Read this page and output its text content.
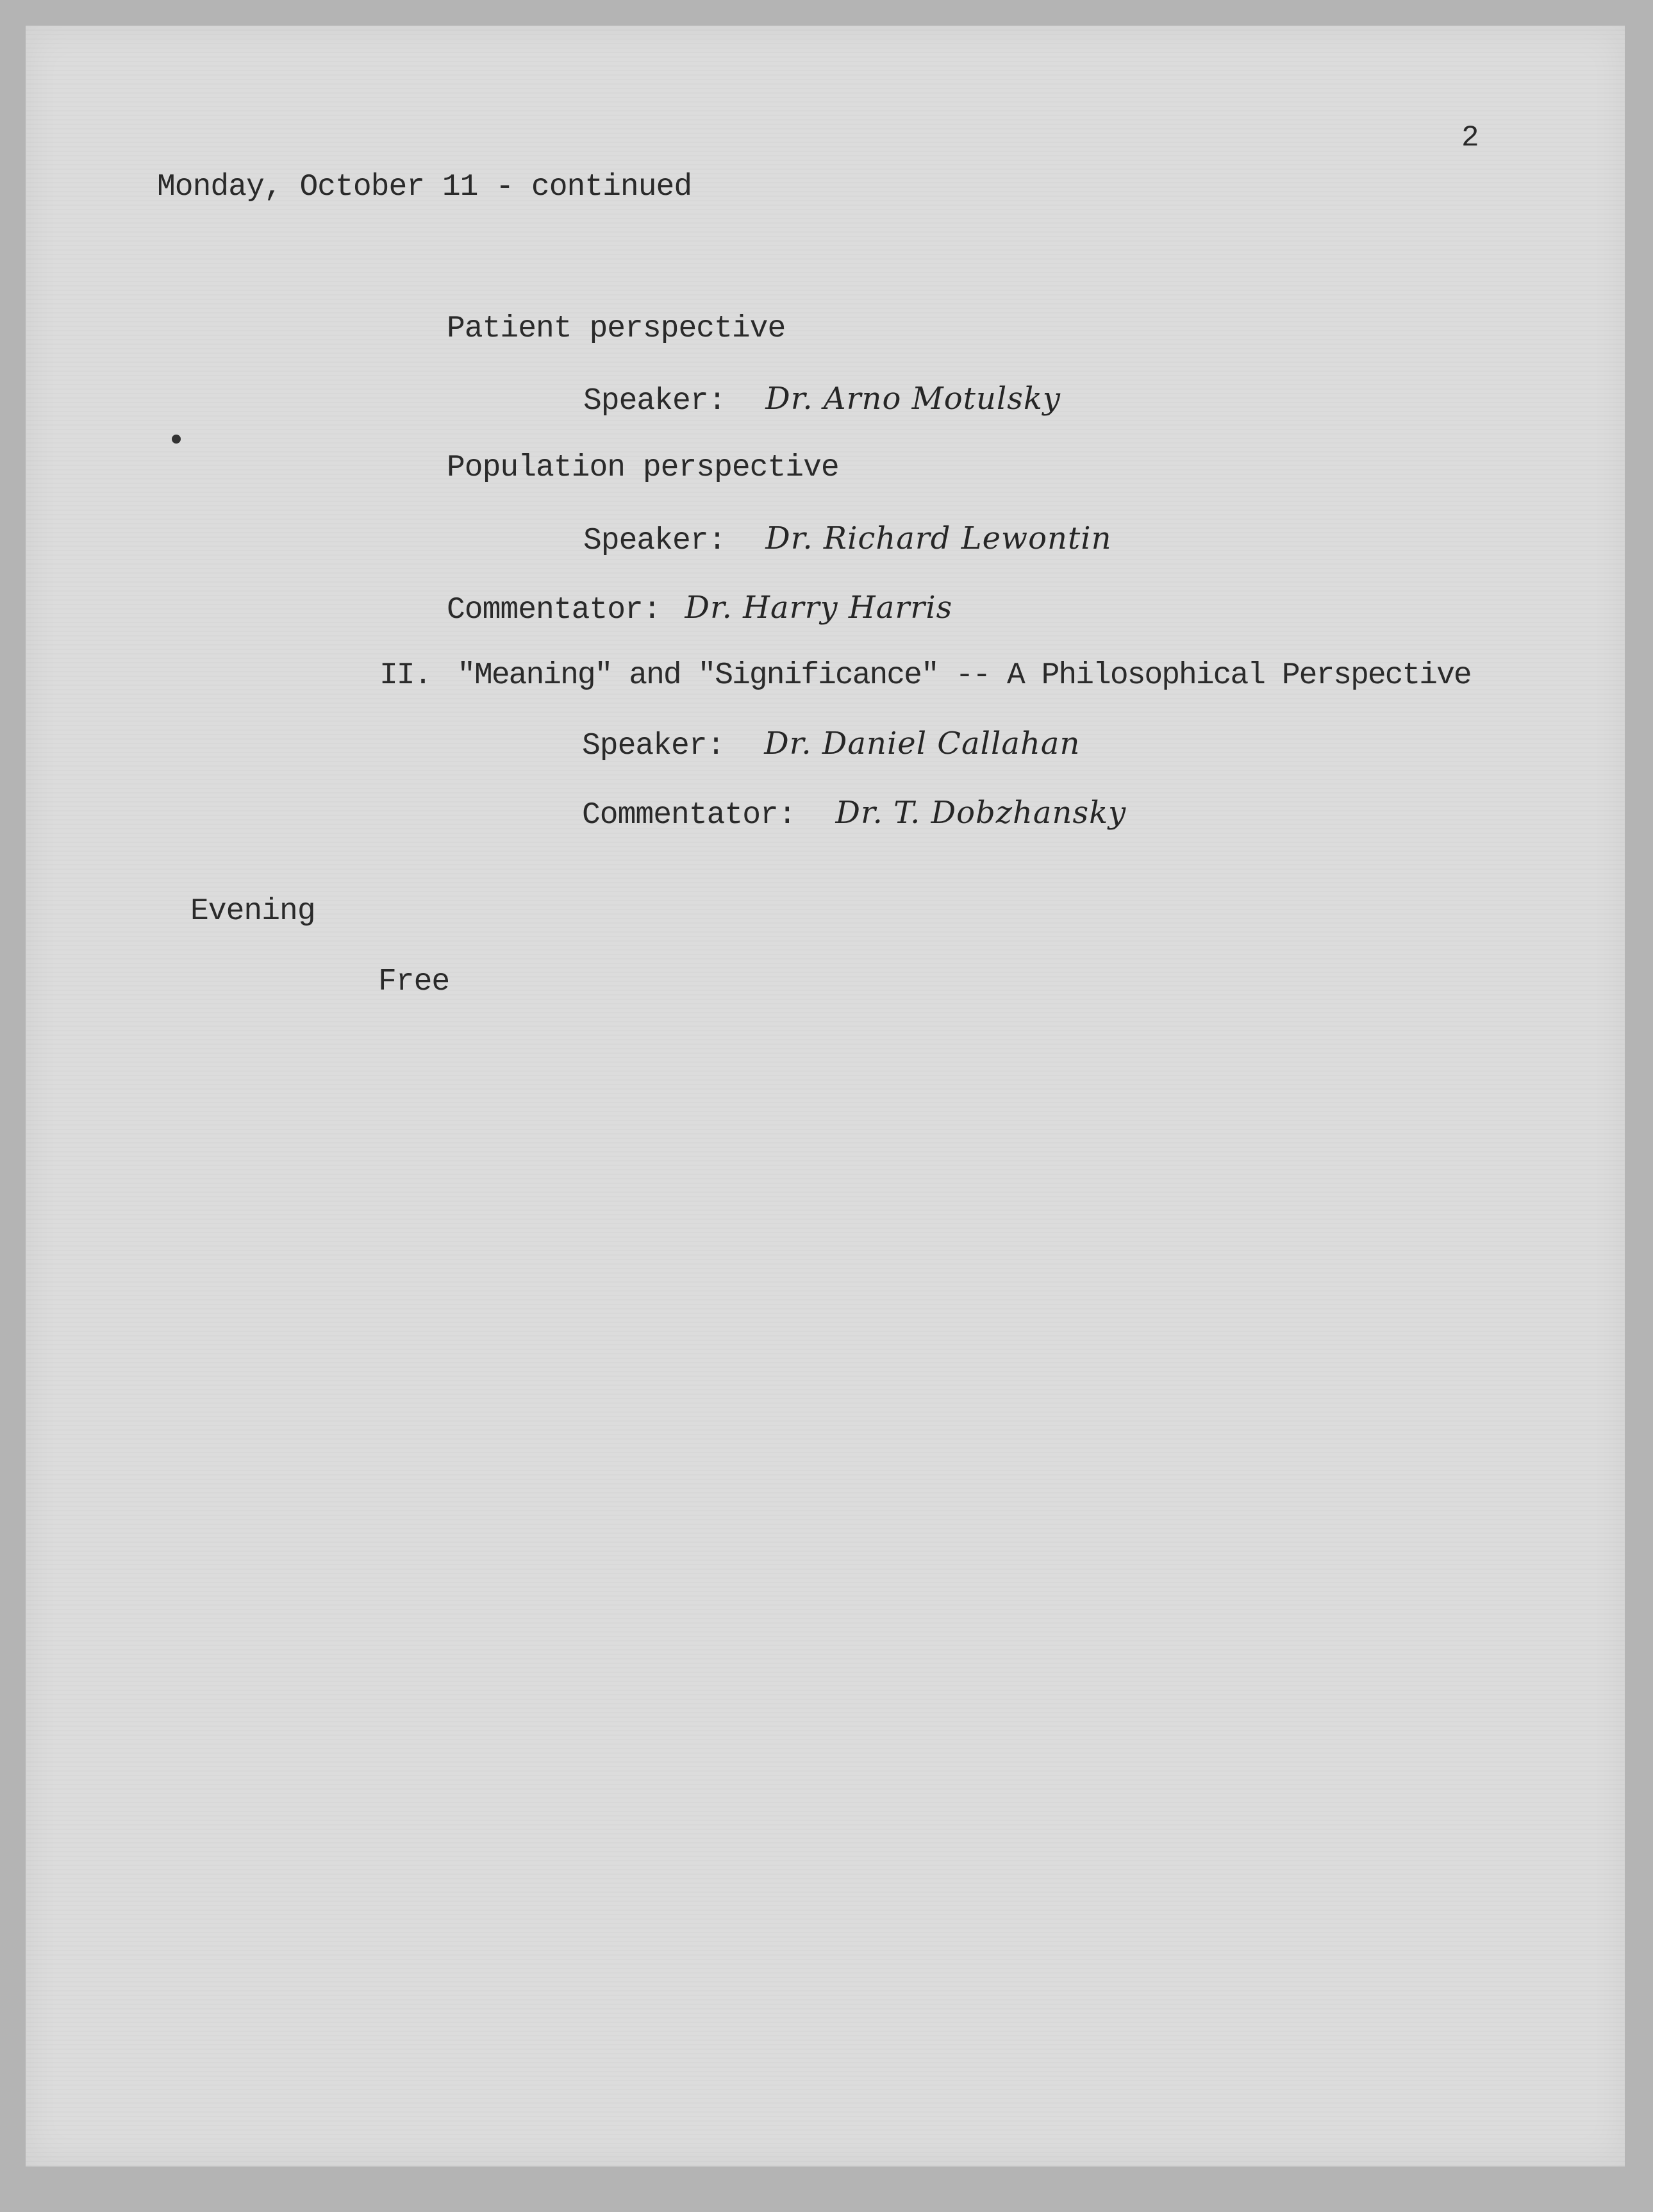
2
Monday, October 11 - continued
Patient perspective
Speaker: Dr. Arno Motulsky
Population perspective
Speaker: Dr. Richard Lewontin
Commentator: Dr. Harry Harris
II. "Meaning" and "Significance" -- A Philosophical Perspective
Speaker: Dr. Daniel Callahan
Commentator: Dr. T. Dobzhansky
Evening
Free
